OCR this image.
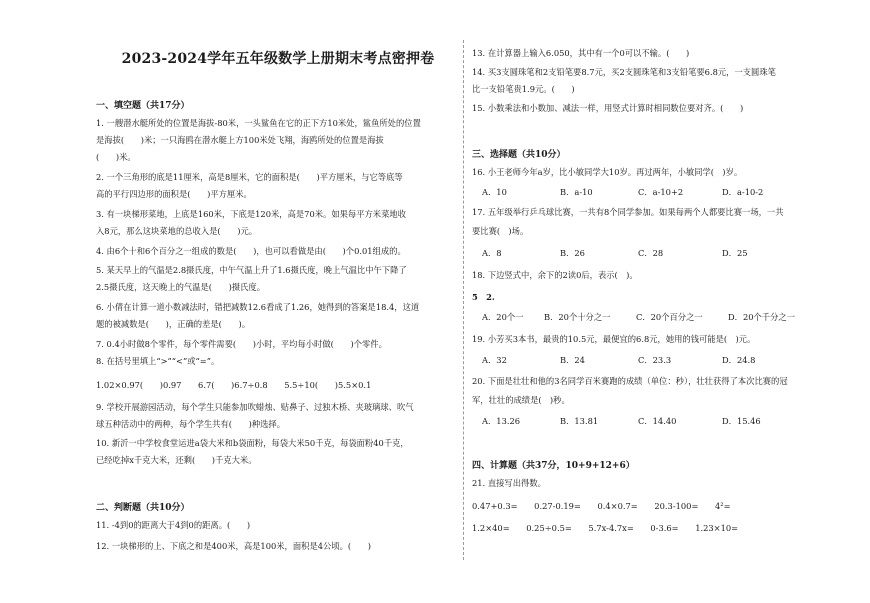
2023-2024学年五年级数学上册期末考点密押卷
一、填空题（共17分）
1. 一艘潜水艇所处的位置是海拔-80米，一头鲨鱼在它的正下方10米处，鲨鱼所处的位置
是海拔(　　)米；一只海鸥在潜水艇上方100米处飞翔，海鸥所处的位置是海拔
(　　)米。
2. 一个三角形的底是11厘米，高是8厘米，它的面积是(　　)平方厘米，与它等底等
高的平行四边形的面积是(　　)平方厘米。
3. 有一块梯形菜地，上底是160米，下底是120米，高是70米。如果每平方米菜地收
入8元，那么这块菜地的总收入是(　　)元。
4. 由6个十和6个百分之一组成的数是(　　)，也可以看做是由(　　)个0.01组成的。
5. 某天早上的气温是2.8摄氏度，中午气温上升了1.6摄氏度，晚上气温比中午下降了
2.5摄氏度，这天晚上的气温是(　　)摄氏度。
6. 小倩在计算一道小数减法时，错把减数12.6看成了1.26，她得到的答案是18.4，这道
题的被减数是(　　)，正确的差是(　　)。
7. 0.4小时做8个零件，每个零件需要(　　)小时，平均每小时做(　　)个零件。
8. 在括号里填上“>”“<”或“=”。
1.02×0.97(　　)0.97　　6.7(　　)6.7÷0.8　　5.5÷10(　　)5.5×0.1
9. 学校开展游园活动，每个学生只能参加吹蜡烛、贴鼻子、过独木桥、夹玻璃球、吹气
球五种活动中的两种，每个学生共有(　　)种选择。
10. 新沂一中学校食堂运进a袋大米和b袋面粉，每袋大米50千克，每袋面粉40千克，
已经吃掉x千克大米，还剩(　　)千克大米。
二、判断题（共10分）
11. -4到0的距离大于4到0的距离。(　　)
12. 一块梯形的上、下底之和是400米，高是100米，面积是4公顷。(　　)
13. 在计算器上输入6.050，其中有一个0可以不输。(　　)
14. 买3支圆珠笔和2支铅笔要8.7元，买2支圆珠笔和3支铅笔要6.8元，一支圆珠笔
比一支铅笔贵1.9元。(　　)
15. 小数乘法和小数加、减法一样，用竖式计算时相同数位要对齐。(　　)
三、选择题（共10分）
16. 小王老师今年a岁，比小敏同学大10岁。再过两年，小敏同学(　)岁。
A．10	B．a-10	C．a-10+2	D．a-10-2
17. 五年级举行乒乓球比赛，一共有8个同学参加。如果每两个人都要比赛一场，一共
要比赛(　)场。
A．8	B．26	C．28	D．25
18. 下边竖式中，余下的2读0后，表示(　)。
5　2.
A．20个一 B．20个十分之一	C．20个百分之一	D．20个千分之一
19. 小芳买3本书，最贵的10.5元，最便宜的6.8元，她用的钱可能是(　)元。
A．32	B．24	C．23.3	D．24.8
20. 下面是壮壮和他的3名同学百米赛跑的成绩（单位：秒），壮壮获得了本次比赛的冠
军，壮壮的成绩是(　)秒。
A．13.26	B．13.81	C．14.40	D．15.46
四、计算题（共37分，10+9+12+6）
21. 直接写出得数。
0.47+0.3=　　0.27-0.19=　　0.4×0.7=　　20.3-100=　　4²=
1.2×40=　　0.25÷0.5=　　5.7x-4.7x=　　0-3.6=　　1.23×10=
